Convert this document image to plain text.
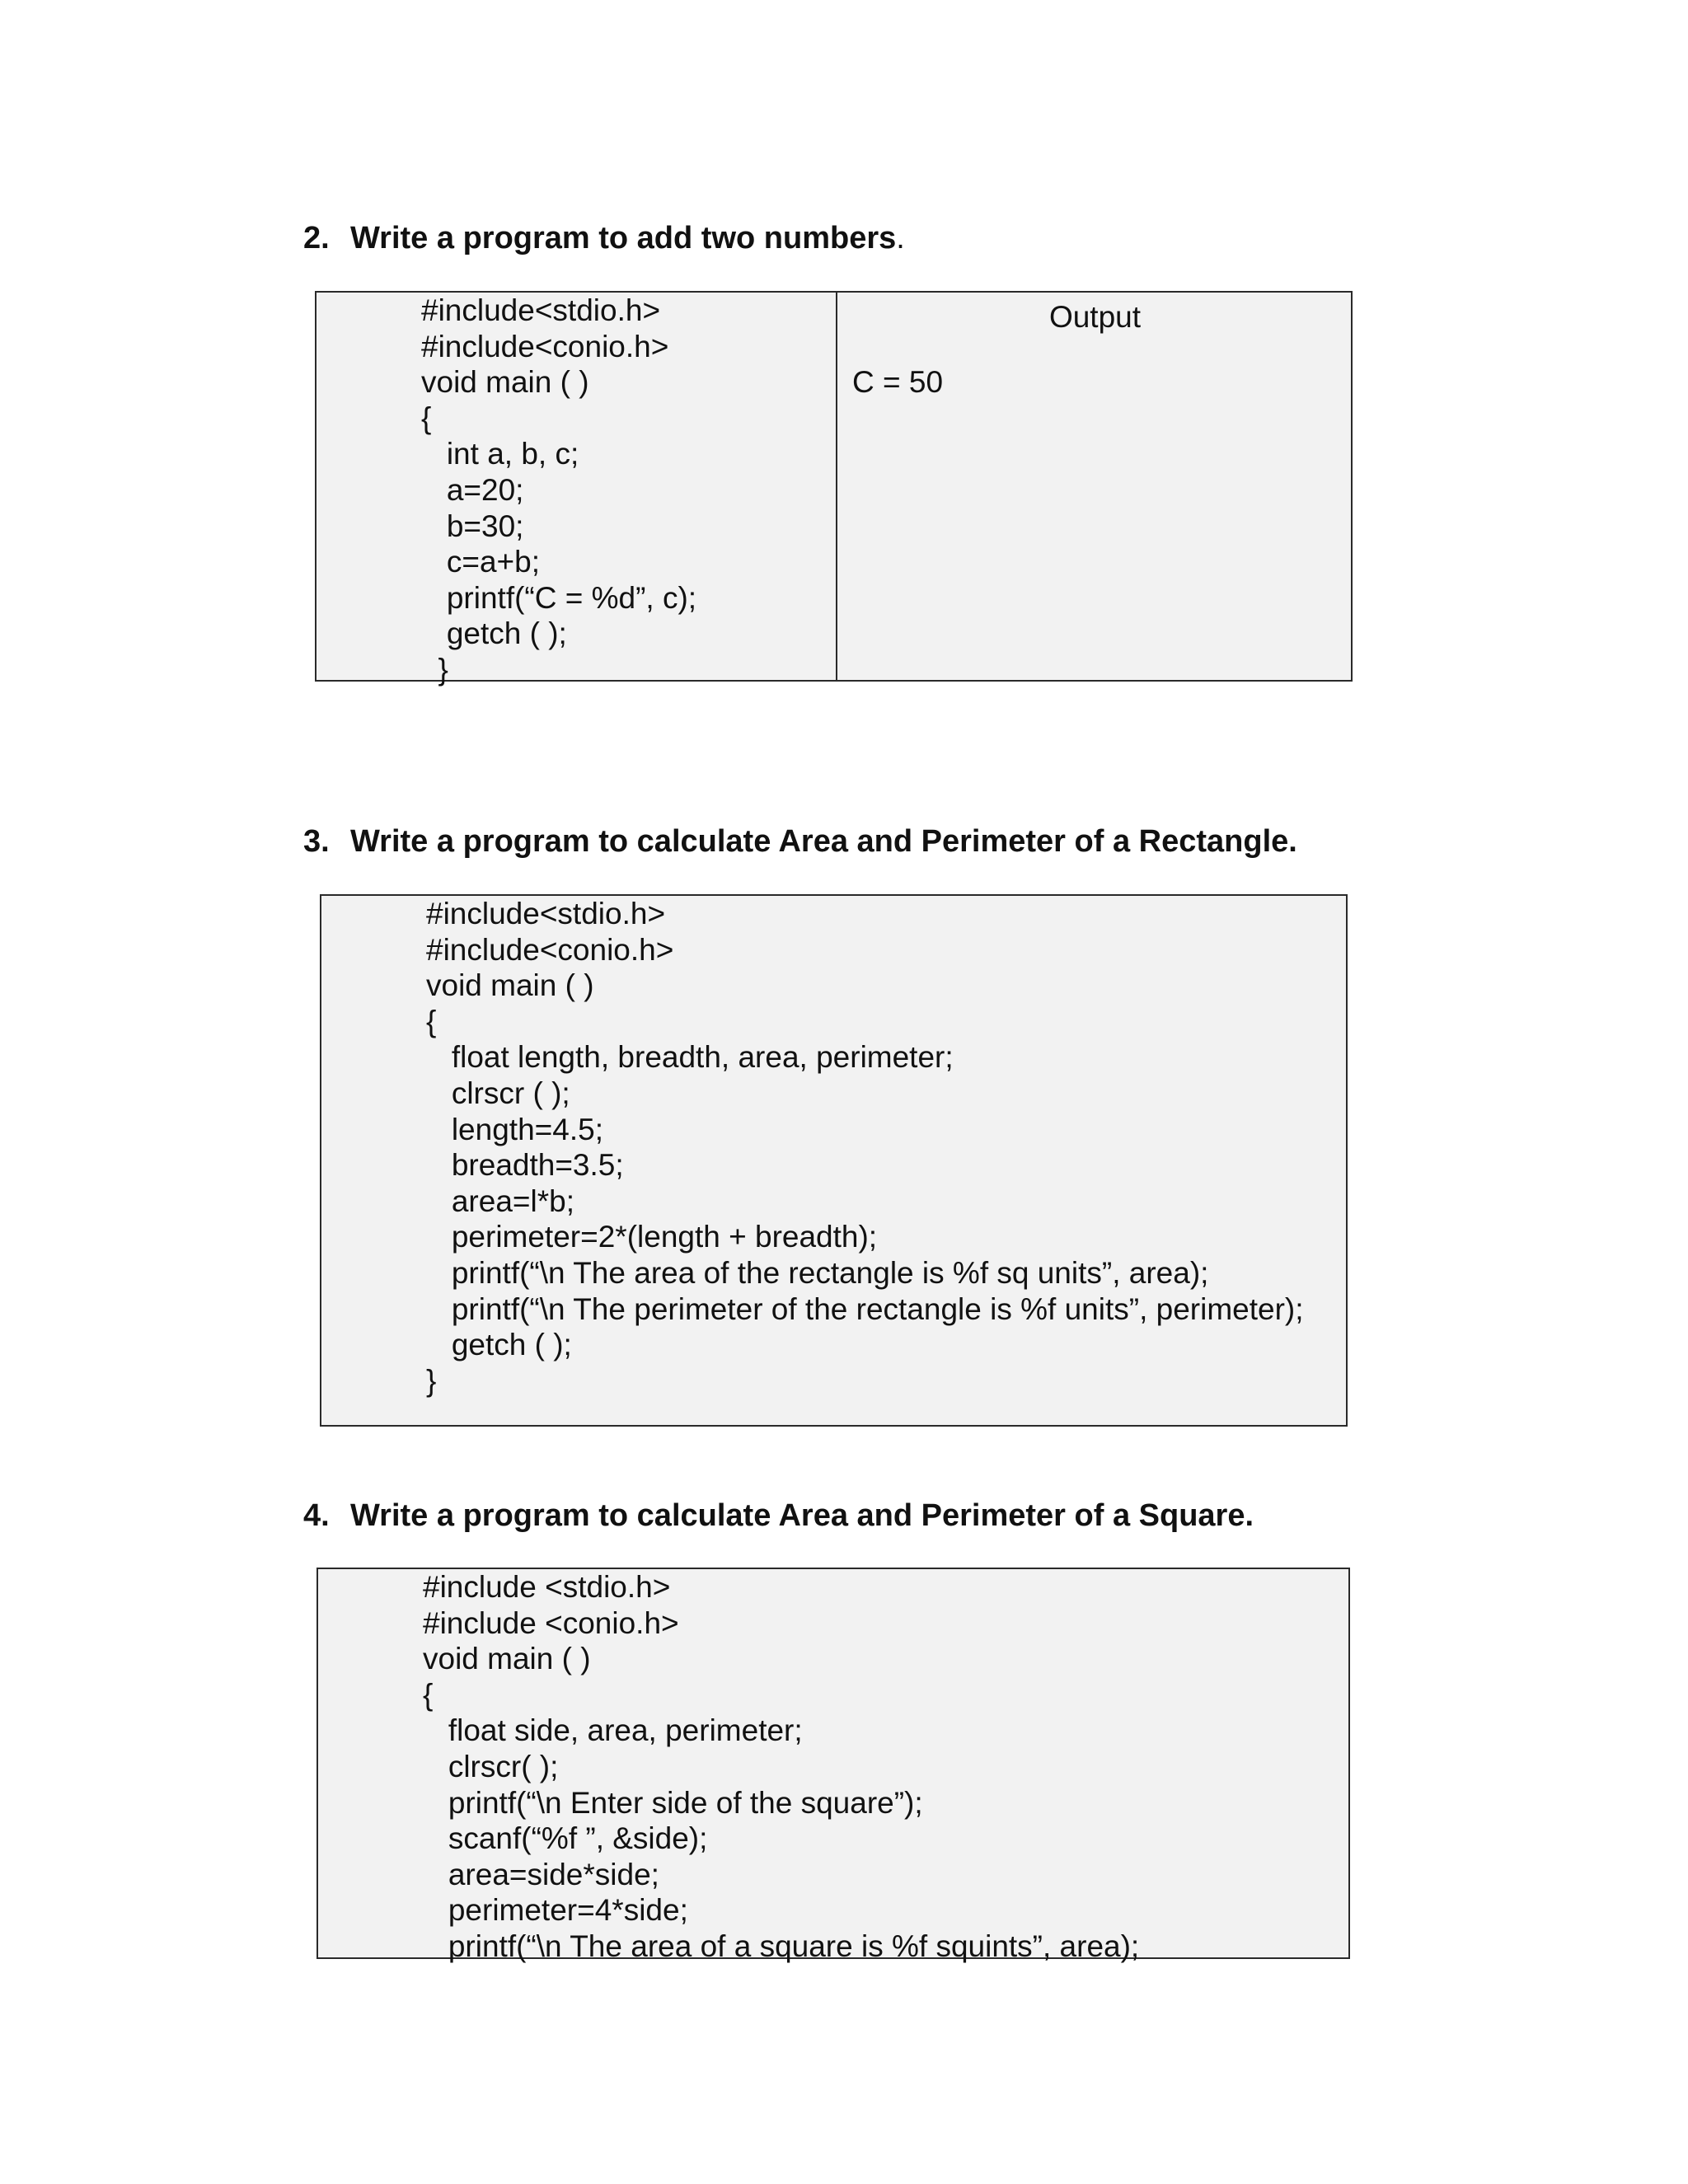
2. Write a program to add two numbers.
#include<stdio.h>
#include<conio.h>
void main ( )
{
int a, b, c;
a=20;
b=30;
c=a+b;
printf(“C = %d”, c);
getch ( );
}
Output
C = 50
3. Write a program to calculate Area and Perimeter of a Rectangle.
#include<stdio.h>
#include<conio.h>
void main ( )
{
float length, breadth, area, perimeter;
clrscr ( );
length=4.5;
breadth=3.5;
area=l*b;
perimeter=2*(length + breadth);
printf(“\n The area of the rectangle is %f sq units”, area);
printf(“\n The perimeter of the rectangle is %f units”, perimeter);
getch ( );
}
4. Write a program to calculate Area and Perimeter of a Square.
#include <stdio.h>
#include <conio.h>
void main ( )
{
float side, area, perimeter;
clrscr( );
printf(“\n Enter side of the square”);
scanf(“%f ”, &side);
area=side*side;
perimeter=4*side;
printf(“\n The area of a square is %f squints”, area);
